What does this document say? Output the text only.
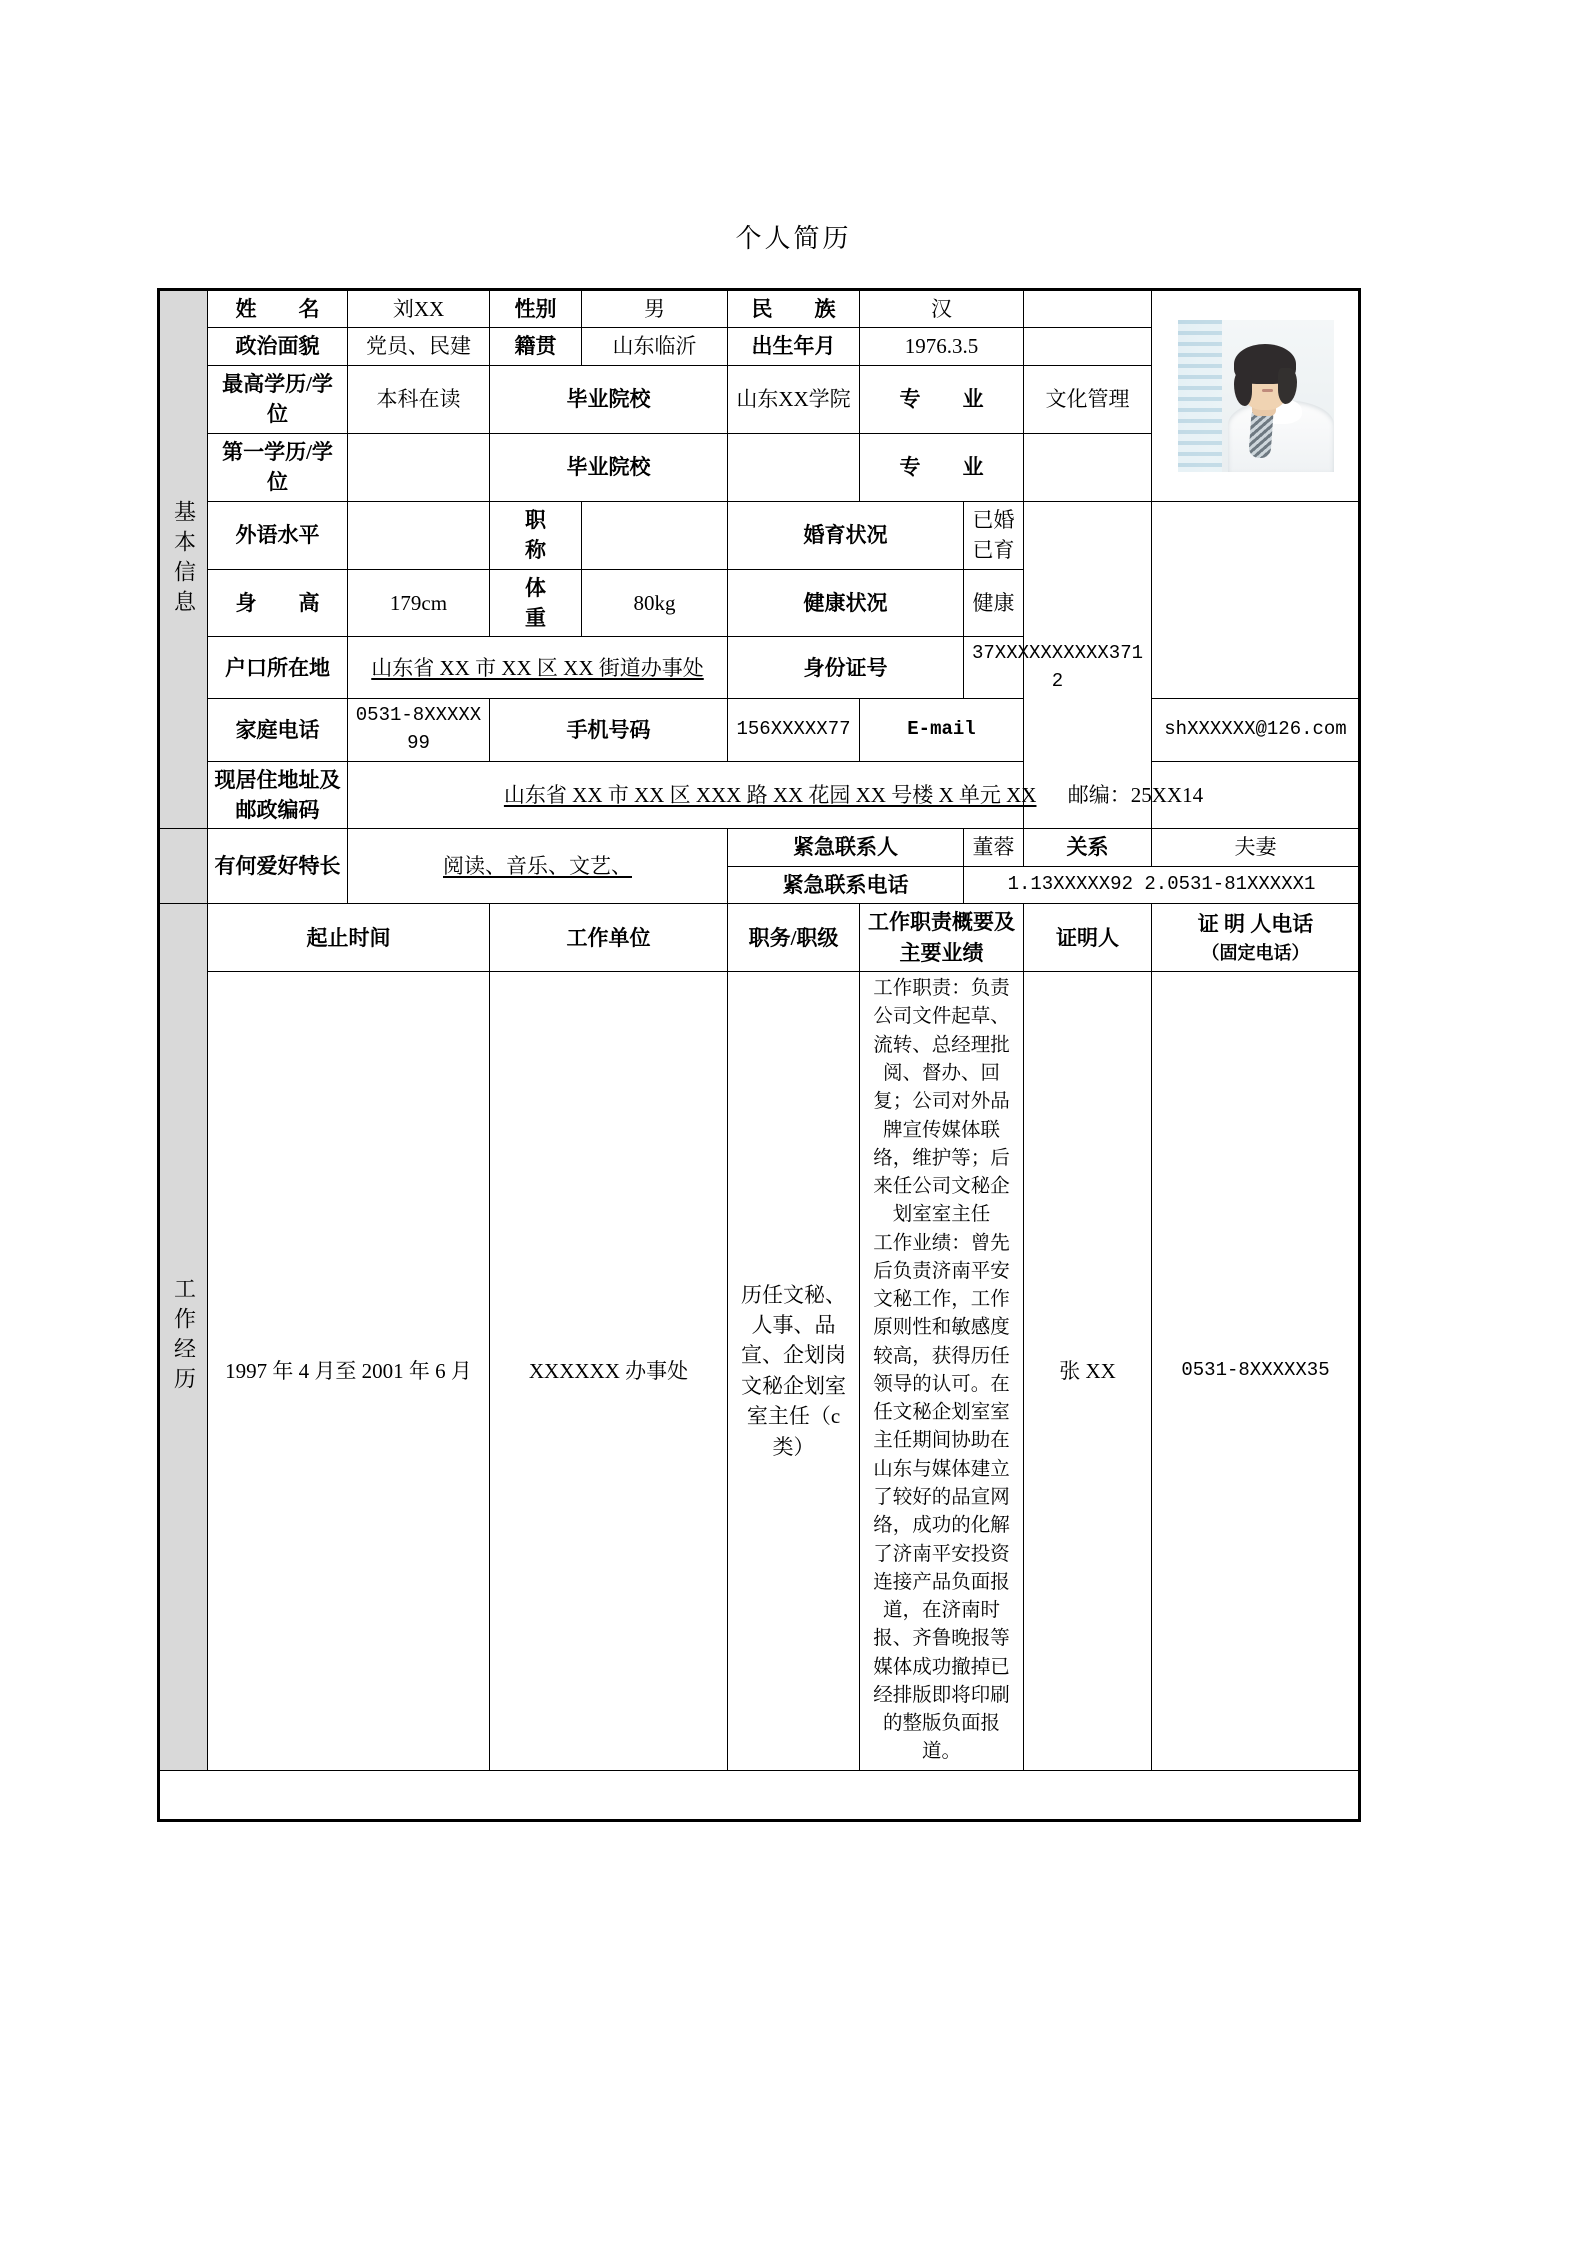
个人简历
基本信息	姓　　名	刘XX	性别	男	民　　族	汉			

	政治面貌	党员、民建	籍贯	山东临沂	出生年月	1976.3.5			
	最高学历/学位	本科在读	毕业院校		山东XX学院	专　　业		文化管理	
	第一学历/学位		毕业院校			专　　业			
	外语水平		职　　称		婚育状况		已婚已育		
	身　　高	179cm	体　　重	80kg	健康状况		健康		
	户口所在地	山东省 XX 市 XX 区 XX 街道办事处			身份证号		37XXXXXXXXXX3712		
	家庭电话	0531-8XXXXX99	手机号码		156XXXXX77	E-mail			shXXXXXX@126.com
	现居住地址及邮政编码	山东省 XX 市 XX 区 XXX 路 XX 花园 XX 号楼 X 单元 XX 邮编：25XX14							
	有何爱好特长	阅读、音乐、文艺、			紧急联系人		董蓉	关系	夫妻
					紧急联系电话		1.13XXXXX92 2.0531-81XXXXX1		
工作经历	起止时间		工作单位		职务/职级	工作职责概要及主要业绩		证明人	证 明 人电话
（固定电话）

	1997 年 4 月至 2001 年 6 月		XXXXXX 办事处		历任文秘、人事、品宣、企划岗文秘企划室室主任（c 类）	工作职责：负责公司文件起草、流转、总经理批阅、督办、回复；公司对外品牌宣传媒体联络，维护等；后来任公司文秘企划室室主任
工作业绩：曾先后负责济南平安文秘工作，工作原则性和敏感度较高，获得历任领导的认可。在任文秘企划室室主任期间协助在山东与媒体建立了较好的品宣网络，成功的化解了济南平安投资连接产品负面报道，在济南时报、齐鲁晚报等媒体成功撤掉已经排版即将印刷的整版负面报道。		张 XX	0531-8XXXXX35
